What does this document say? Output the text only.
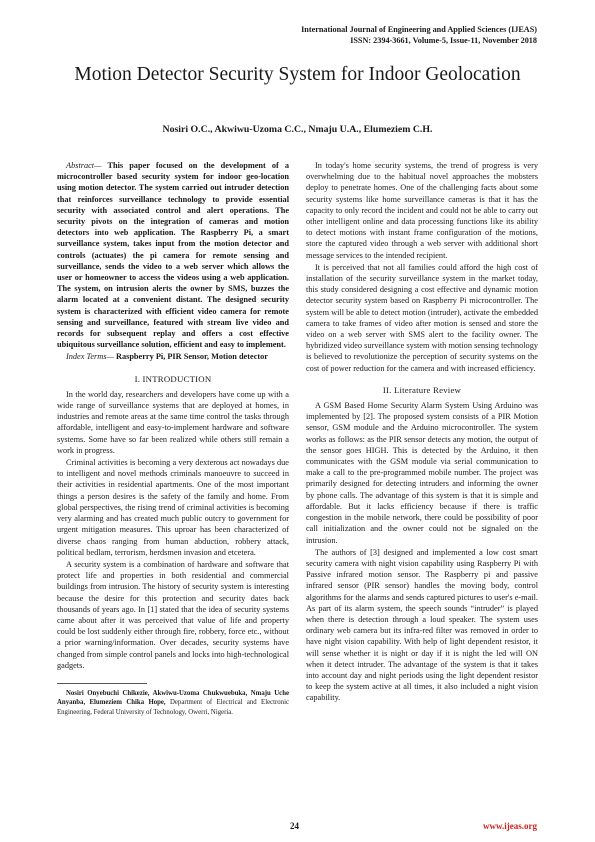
International Journal of Engineering and Applied Sciences (IJEAS)
ISSN: 2394-3661, Volume-5, Issue-11, November 2018
Motion Detector Security System for Indoor Geolocation
Nosiri O.C., Akwiwu-Uzoma C.C., Nmaju U.A., Elumeziem C.H.

Abstract— This paper focused on the development of a microcontroller based security system for indoor geo-location using motion detector. The system carried out intruder detection that reinforces surveillance technology to provide essential security with associated control and alert operations. The security pivots on the integration of cameras and motion detectors into web application. The Raspberry Pi, a smart surveillance system, takes input from the motion detector and controls (actuates) the pi camera for remote sensing and surveillance, sends the video to a web server which allows the user or homeowner to access the videos using a web application. The system, on intrusion alerts the owner by SMS, buzzes the alarm located at a convenient distant. The designed security system is characterized with efficient video camera for remote sensing and surveillance, featured with stream live video and records for subsequent replay and offers a cost effective ubiquitous surveillance solution, efficient and easy to implement.

Index Terms— Raspberry Pi, PIR Sensor, Motion detector

I. INTRODUCTION

In the world day, researchers and developers have come up with a wide range of surveillance systems that are deployed at homes, in industries and remote areas at the same time control the tasks through affordable, intelligent and easy-to-implement hardware and software systems. Some have so far been realized while others still remain a work in progress.

Criminal activities is becoming a very dexterous act nowadays due to intelligent and novel methods criminals manoeuvre to succeed in their activities in residential apartments. One of the most important things a person desires is the safety of the family and home. From global perspectives, the rising trend of criminal activities is becoming very alarming and has created much public outcry to government for urgent mitigation measures. This uproar has been characterized of diverse chaos ranging from human abduction, robbery attack, political bedlam, terrorism, herdsmen invasion and etcetera.

A security system is a combination of hardware and software that protect life and properties in both residential and commercial buildings from intrusion. The history of security system is interesting because the desire for this protection and security dates back thousands of years ago. In [1] stated that the idea of security systems came about after it was perceived that value of life and property could be lost suddenly either through fire, robbery, force etc., without a prior warning/information. Over decades, security systems have changed from simple control panels and locks into high-technological gadgets.

Nosiri Onyebuchi Chikezie, Akwiwu-Uzoma Chukwuebuka, Nmaju Uche Anyanba, Elumeziem Chika Hope, Department of Electrical and Electronic Engineering, Federal University of Technology, Owerri, Nigeria.

In today's home security systems, the trend of progress is very overwhelming due to the habitual novel approaches the mobsters deploy to penetrate homes. One of the challenging facts about some security systems like home surveillance cameras is that it has the capacity to only record the incident and could not be able to carry out other intelligent online and data processing functions like its ability to detect motions with instant frame configuration of the motions, store the captured video through a web server with additional short message services to the intended recipient.

It is perceived that not all families could afford the high cost of installation of the security surveillance system in the market today, this study considered designing a cost effective and dynamic motion detector security system based on Raspberry Pi microcontroller. The system will be able to detect motion (intruder), activate the embedded camera to take frames of video after motion is sensed and store the video on a web server with SMS alert to the facility owner. The hybridized video surveillance system with motion sensing technology is believed to revolutionize the perception of security systems on the cost of power reduction for the camera and with increased efficiency.

II. Literature Review

A GSM Based Home Security Alarm System Using Arduino was implemented by [2]. The proposed system consists of a PIR Motion sensor, GSM module and the Arduino microcontroller. The system works as follows: as the PIR sensor detects any motion, the output of the sensor goes HIGH. This is detected by the Arduino, it then communicates with the GSM module via serial communication to make a call to the pre-programmed mobile number. The project was primarily designed for detecting intruders and informing the owner by phone calls. The advantage of this system is that it is simple and affordable. But it lacks efficiency because if there is traffic congestion in the mobile network, there could be possibility of poor call initialization and the owner could not be signaled on the intrusion.

The authors of [3] designed and implemented a low cost smart security camera with night vision capability using Raspberry Pi with Passive infrared motion sensor. The Raspberry pi and passive infrared sensor (PIR sensor) handles the moving body, control algorithms for the alarms and sends captured pictures to user's e-mail. As part of its alarm system, the speech sounds “intruder” is played when there is detection through a loud speaker. The system uses ordinary web camera but its infra-red filter was removed in order to have night vision capability. With help of light dependent resistor, it will sense whether it is night or day if it is night the led will ON when it detect intruder. The advantage of the system is that it takes into account day and night periods using the light dependent resistor to keep the system active at all times, it also included a night vision capability.

24	www.ijeas.org
